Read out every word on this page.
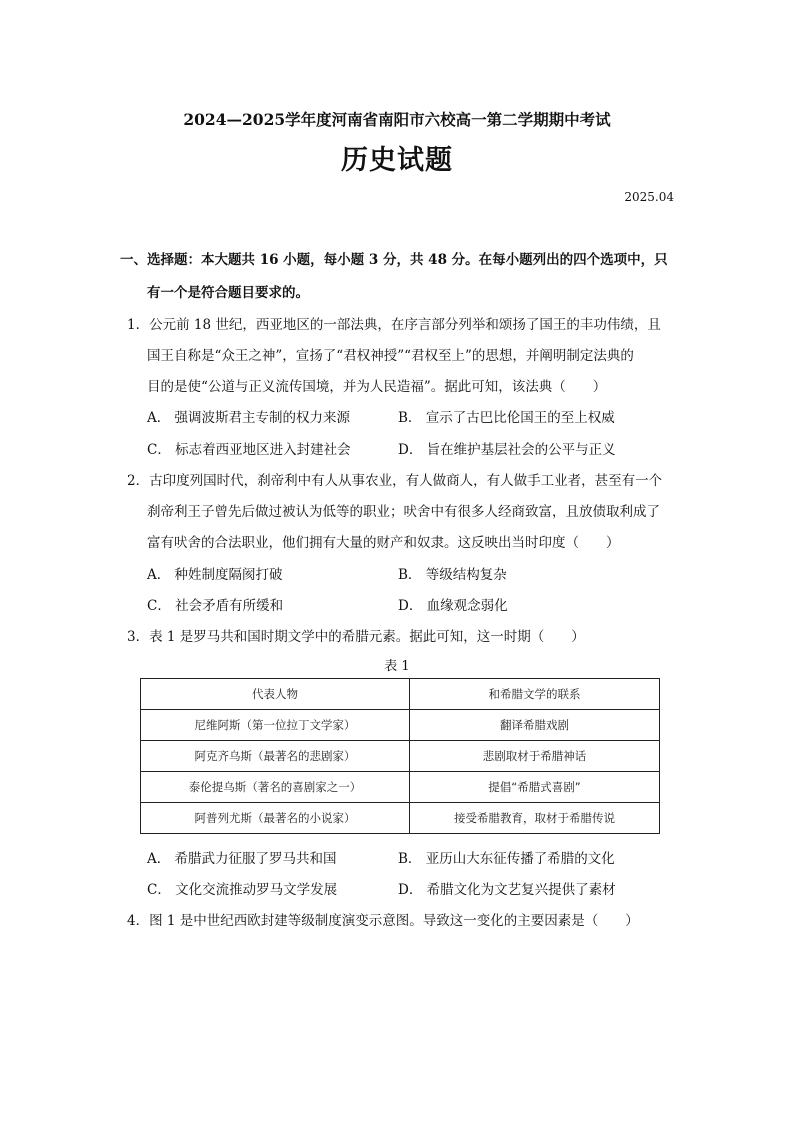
2024—2025学年度河南省南阳市六校高一第二学期期中考试
历史试题
2025.04
一、选择题：本大题共 16 小题，每小题 3 分，共 48 分。在每小题列出的四个选项中，只
有一个是符合题目要求的。
1．公元前 18 世纪，西亚地区的一部法典，在序言部分列举和颂扬了国王的丰功伟绩，且
国王自称是“众王之神”，宣扬了“君权神授”“君权至上”的思想，并阐明制定法典的
目的是使“公道与正义流传国境，并为人民造福”。据此可知，该法典（　　）
A． 强调波斯君主专制的权力来源	B． 宣示了古巴比伦国王的至上权威
C． 标志着西亚地区进入封建社会	D． 旨在维护基层社会的公平与正义
2．古印度列国时代，刹帝利中有人从事农业，有人做商人，有人做手工业者，甚至有一个
刹帝利王子曾先后做过被认为低等的职业；吠舍中有很多人经商致富，且放债取利成了
富有吠舍的合法职业，他们拥有大量的财产和奴隶。这反映出当时印度（　　）
A． 种姓制度隔阂打破	B． 等级结构复杂
C． 社会矛盾有所缓和	D． 血缘观念弱化
3．表 1 是罗马共和国时期文学中的希腊元素。据此可知，这一时期（　　）
表 1
代表人物	和希腊文学的联系
尼维阿斯（第一位拉丁文学家）	翻译希腊戏剧
阿克齐乌斯（最著名的悲剧家）	悲剧取材于希腊神话
泰伦提乌斯（著名的喜剧家之一）	提倡“希腊式喜剧”
阿普列尤斯（最著名的小说家）	接受希腊教育，取材于希腊传说
A． 希腊武力征服了罗马共和国	B． 亚历山大东征传播了希腊的文化
C． 文化交流推动罗马文学发展	D． 希腊文化为文艺复兴提供了素材
4．图 1 是中世纪西欧封建等级制度演变示意图。导致这一变化的主要因素是（　　）
